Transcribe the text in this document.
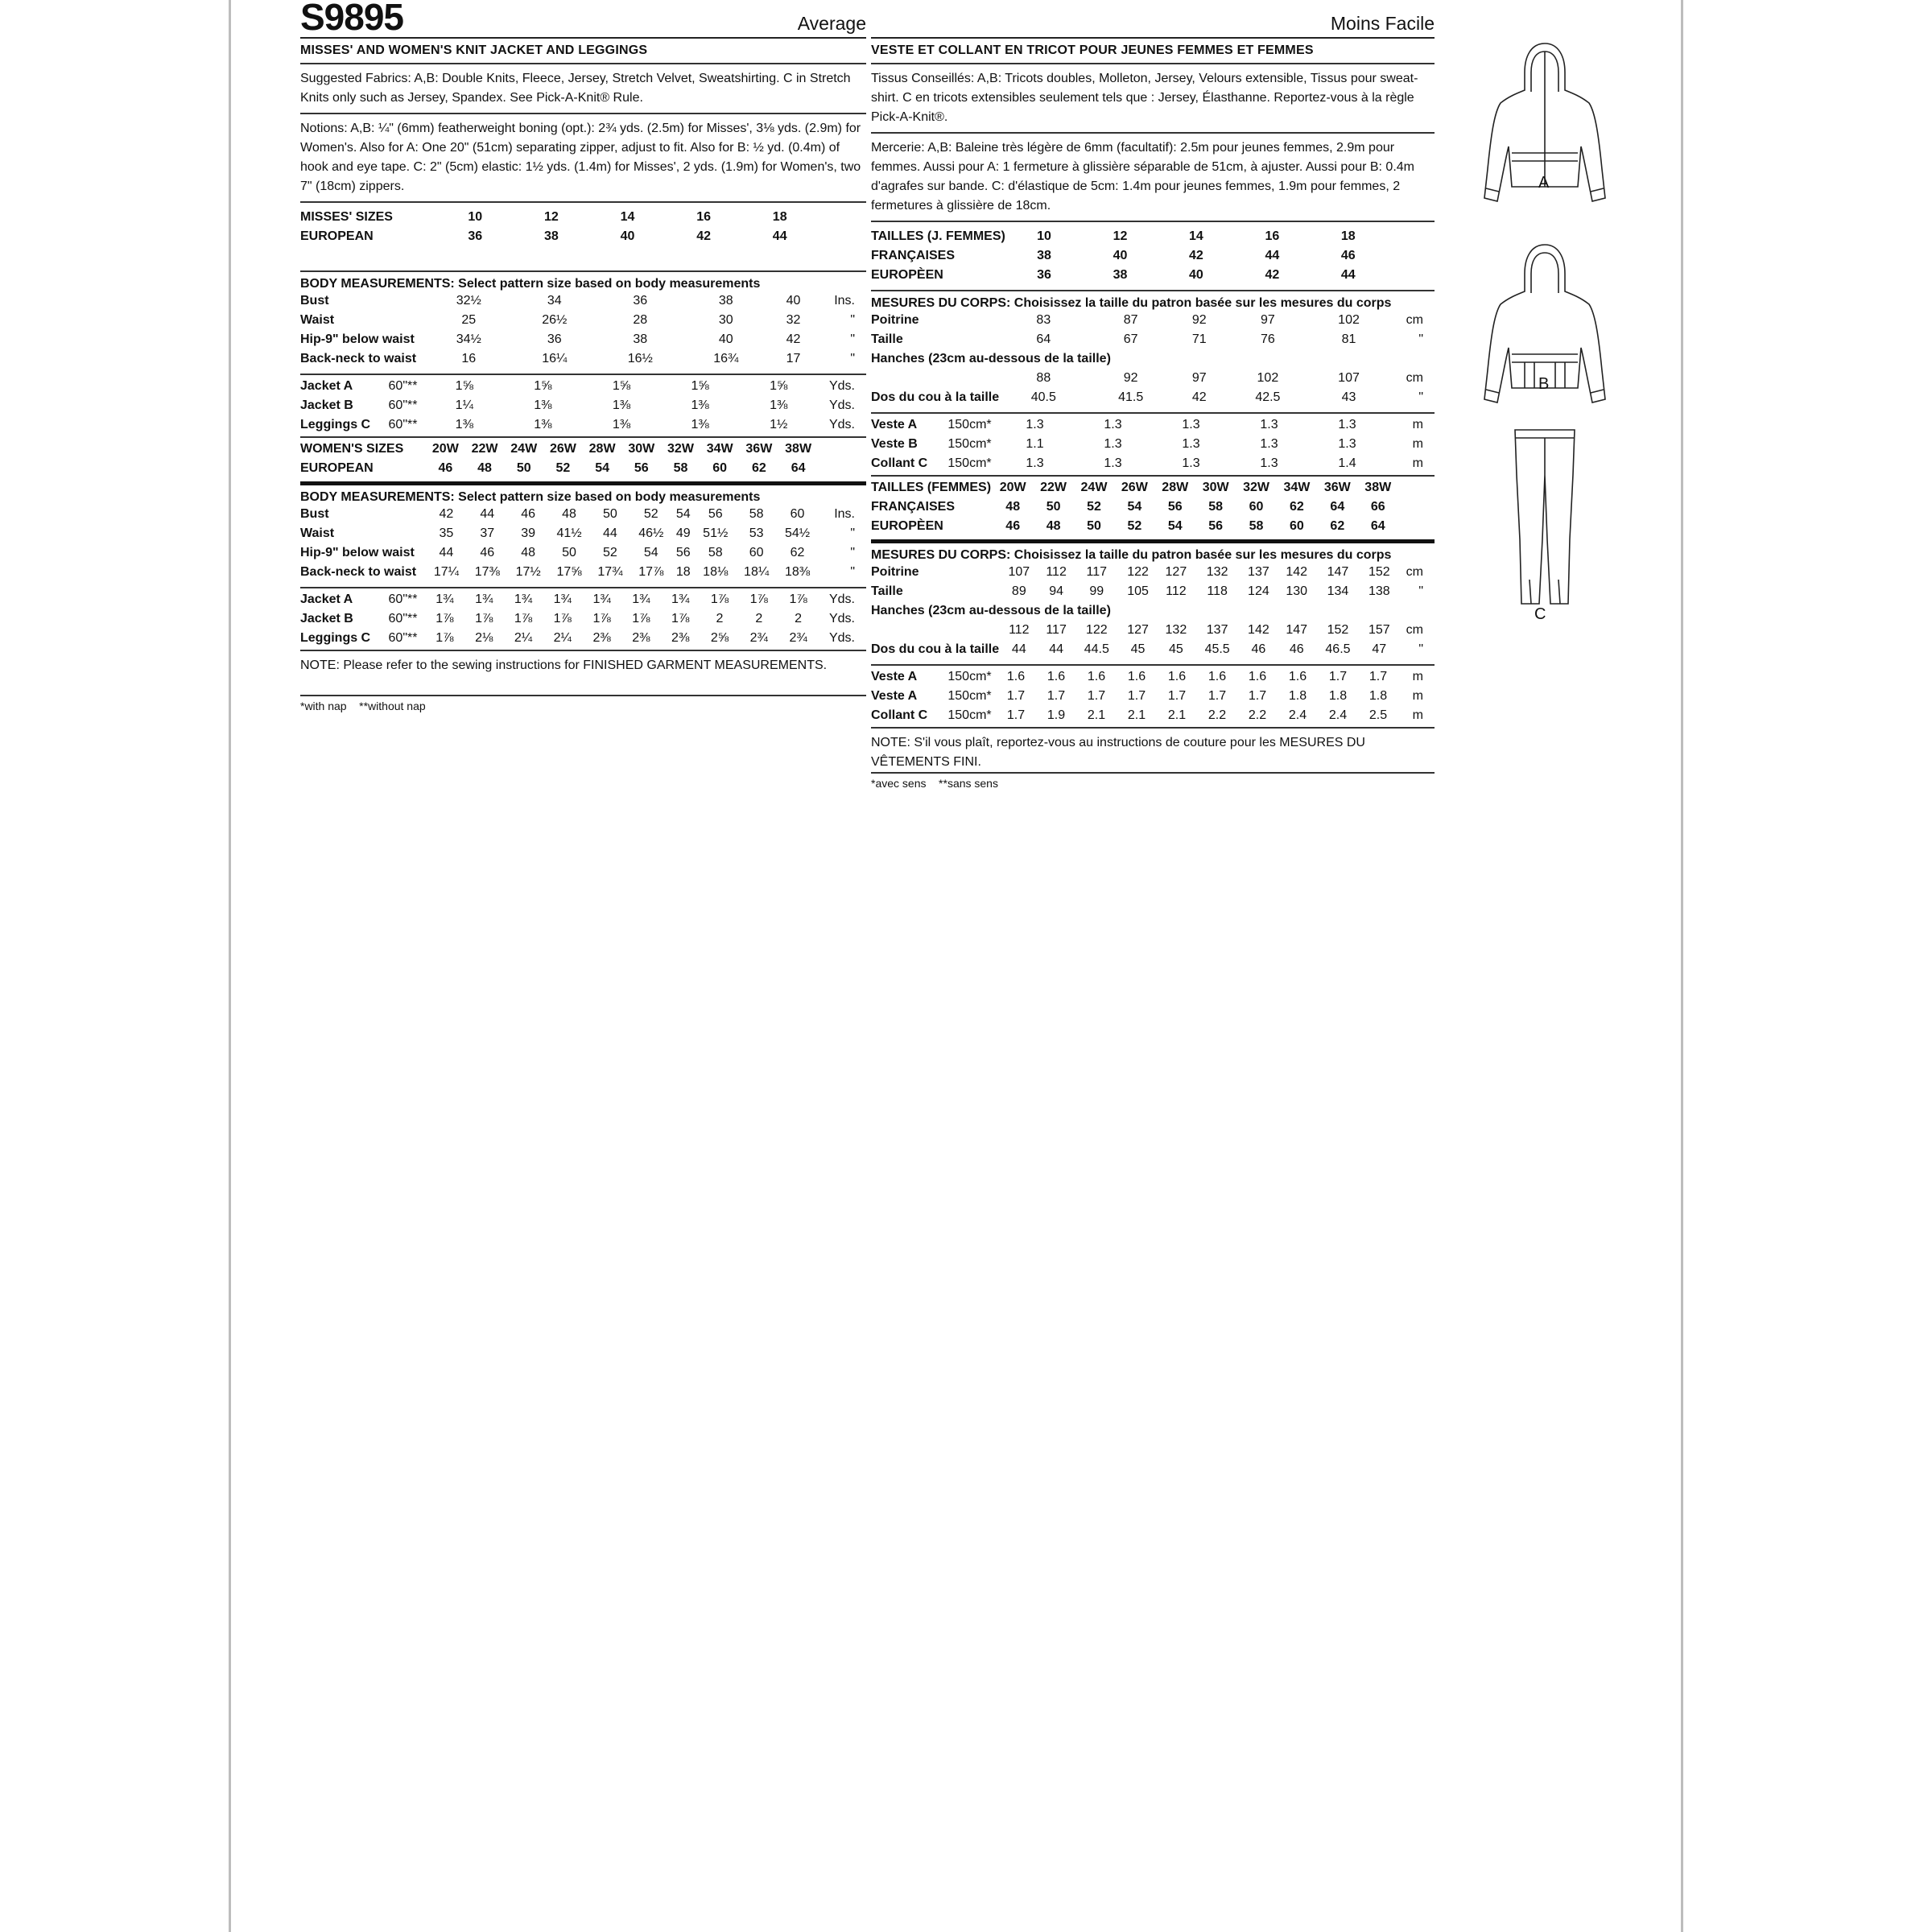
S9895	Average
MISSES' AND WOMEN'S KNIT JACKET AND LEGGINGS

Suggested Fabrics: A,B: Double Knits, Fleece, Jersey, Stretch Velvet, Sweatshirting. C in Stretch Knits only such as Jersey, Spandex. See Pick-A-Knit® Rule.

Notions: A,B: ¼" (6mm) featherweight boning (opt.): 2¾ yds. (2.5m) for Misses', 3⅛ yds. (2.9m) for Women's. Also for A: One 20" (51cm) separating zipper, adjust to fit. Also for B: ½ yd. (0.4m) of hook and eye tape. C: 2" (5cm) elastic: 1½ yds. (1.4m) for Misses', 2 yds. (1.9m) for Women's, two 7" (18cm) zippers.

MISSES' SIZES		10	12	14	16	18	
EUROPEAN		36	38	40	42	44	

BODY MEASUREMENTS: Select pattern size based on body measurements
Bust		32½	34	36	38	40	Ins.
Waist		25	26½	28	30	32	"
Hip-9" below waist		34½	36	38	40	42	"
Back-neck to waist		16	16¼	16½	16¾	17	"
Jacket A	60"**	1⅝	1⅝	1⅝	1⅝	1⅝	Yds.
Jacket B	60"**	1¼	1⅜	1⅜	1⅜	1⅜	Yds.
Leggings C	60"**	1⅜	1⅜	1⅜	1⅜	1½	Yds.
WOMEN'S SIZES		20W	22W	24W	26W	28W	30W	32W	34W	36W	38W	
EUROPEAN		46	48	50	52	54	56	58	60	62	64	
BODY MEASUREMENTS: Select pattern size based on body measurements
Bust		42	44	46	48	50	52	54	56	58	60	Ins.
Waist		35	37	39	41½	44	46½	49	51½	53	54½	"
Hip-9" below waist		44	46	48	50	52	54	56	58	60	62	"
Back-neck to waist		17¼	17⅜	17½	17⅝	17¾	17⅞	18	18⅛	18¼	18⅜	"
Jacket A	60"**	1¾	1¾	1¾	1¾	1¾	1¾	1¾	1⅞	1⅞	1⅞	Yds.
Jacket B	60"**	1⅞	1⅞	1⅞	1⅞	1⅞	1⅞	1⅞	2	2	2	Yds.
Leggings C	60"**	1⅞	2⅛	2¼	2¼	2⅜	2⅜	2⅜	2⅝	2¾	2¾	Yds.

NOTE: Please refer to the sewing instructions for FINISHED GARMENT MEASUREMENTS.

*with nap    **without nap
Moins Facile
VESTE ET COLLANT EN TRICOT POUR JEUNES FEMMES ET FEMMES

Tissus Conseillés: A,B: Tricots doubles, Molleton, Jersey, Velours extensible, Tissus pour sweat-shirt. C en tricots extensibles seulement tels que : Jersey, Élasthanne. Reportez-vous à la règle Pick-A-Knit®.

Mercerie: A,B: Baleine très légère de 6mm (facultatif): 2.5m pour jeunes femmes, 2.9m pour femmes. Aussi pour A: 1 fermeture à glissière séparable de 51cm, à ajuster. Aussi pour B: 0.4m d'agrafes sur bande. C: d'élastique de 5cm: 1.4m pour jeunes femmes, 1.9m pour femmes, 2 fermetures à glissière de 18cm.

TAILLES (J. FEMMES)		10	12	14	16	18	
FRANÇAISES		38	40	42	44	46	
EUROPÈEN		36	38	40	42	44	
MESURES DU CORPS: Choisissez la taille du patron basée sur les mesures du corps
Poitrine		83	87	92	97	102	cm
Taille		64	67	71	76	81	"
Hanches (23cm au-dessous de la taille)						
		88	92	97	102	107	cm
Dos du cou à la taille		40.5	41.5	42	42.5	43	"
Veste A	150cm*	1.3	1.3	1.3	1.3	1.3	m
Veste B	150cm*	1.1	1.3	1.3	1.3	1.3	m
Collant C	150cm*	1.3	1.3	1.3	1.3	1.4	m
TAILLES (FEMMES)		20W	22W	24W	26W	28W	30W	32W	34W	36W	38W	
FRANÇAISES		48	50	52	54	56	58	60	62	64	66	
EUROPÈEN		46	48	50	52	54	56	58	60	62	64	
MESURES DU CORPS: Choisissez la taille du patron basée sur les mesures du corps
Poitrine		107	112	117	122	127	132	137	142	147	152	cm
Taille		89	94	99	105	112	118	124	130	134	138	"
Hanches (23cm au-dessous de la taille)											
		112	117	122	127	132	137	142	147	152	157	cm
Dos du cou à la taille		44	44	44.5	45	45	45.5	46	46	46.5	47	"
Veste A	150cm*	1.6	1.6	1.6	1.6	1.6	1.6	1.6	1.6	1.7	1.7	m
Veste A	150cm*	1.7	1.7	1.7	1.7	1.7	1.7	1.7	1.8	1.8	1.8	m
Collant C	150cm*	1.7	1.9	2.1	2.1	2.1	2.2	2.2	2.4	2.4	2.5	m

NOTE: S'il vous plaît, reportez-vous au instructions de couture pour les MESURES DU VÊTEMENTS FINI.

*avec sens    **sans sens
A
B
C
